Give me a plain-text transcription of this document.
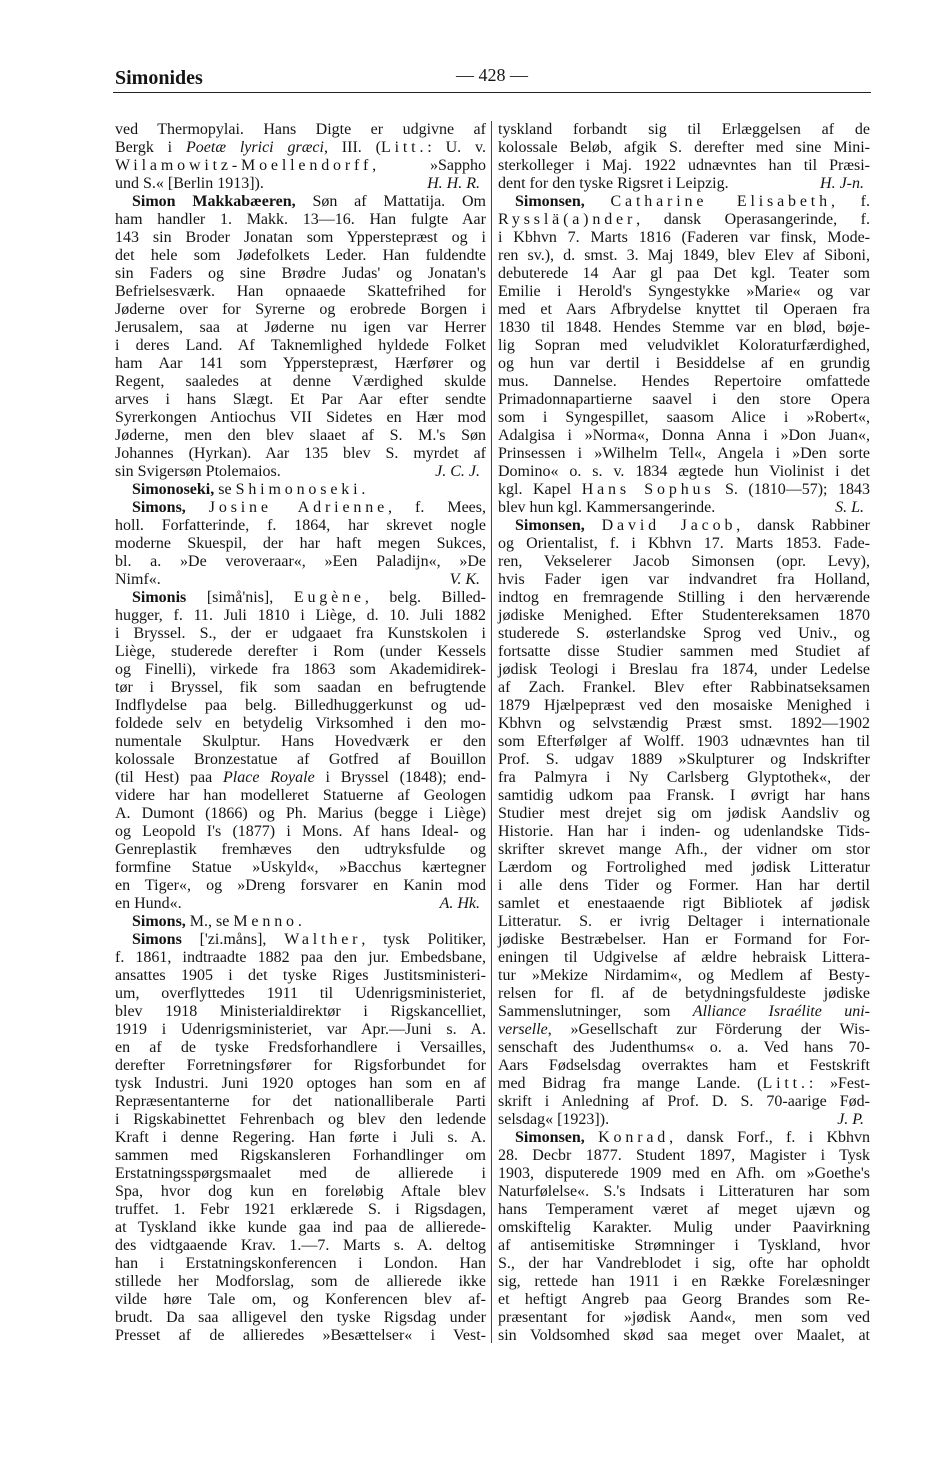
Simonides	— 428 —
ved Thermopylai. Hans Digte er udgivne af
Bergk i Poetæ lyrici græci, III. (Litt.: U. v.
Wilamowitz-Moellendorff, »Sappho
und S.« [Berlin 1913]).	H. H. R.
Simon Makkabæeren, Søn af Mattatija. Om
ham handler 1. Makk. 13—16. Han fulgte Aar
143 sin Broder Jonatan som Ypperstepræst og i
det hele som Jødefolkets Leder. Han fuldendte
sin Faders og sine Brødre Judas' og Jonatan's
Befrielsesværk. Han opnaaede Skattefrihed for
Jøderne over for Syrerne og erobrede Borgen i
Jerusalem, saa at Jøderne nu igen var Herrer
i deres Land. Af Taknemlighed hyldede Folket
ham Aar 141 som Ypperstepræst, Hærfører og
Regent, saaledes at denne Værdighed skulde
arves i hans Slægt. Et Par Aar efter sendte
Syrerkongen Antiochus VII Sidetes en Hær mod
Jøderne, men den blev slaaet af S. M.'s Søn
Johannes (Hyrkan). Aar 135 blev S. myrdet af
sin Svigersøn Ptolemaios.	J. C. J.
Simonoseki, se Shimonoseki.
Simons, Josine Adrienne, f. Mees,
holl. Forfatterinde, f. 1864, har skrevet nogle
moderne Skuespil, der har haft megen Sukces,
bl. a. »De veroveraar«, »Een Paladijn«, »De
Nimf«.	V. K.
Simonis [simå'nis], Eugène, belg. Billed-
hugger, f. 11. Juli 1810 i Liège, d. 10. Juli 1882
i Bryssel. S., der er udgaaet fra Kunstskolen i
Liège, studerede derefter i Rom (under Kessels
og Finelli), virkede fra 1863 som Akademidirek-
tør i Bryssel, fik som saadan en befrugtende
Indflydelse paa belg. Billedhuggerkunst og ud-
foldede selv en betydelig Virksomhed i den mo-
numentale Skulptur. Hans Hovedværk er den
kolossale Bronzestatue af Gotfred af Bouillon
(til Hest) paa Place Royale i Bryssel (1848); end-
videre har han modelleret Statuerne af Geologen
A. Dumont (1866) og Ph. Marius (begge i Liège)
og Leopold I's (1877) i Mons. Af hans Ideal- og
Genreplastik fremhæves den udtryksfulde og
formfine Statue »Uskyld«, »Bacchus kærtegner
en Tiger«, og »Dreng forsvarer en Kanin mod
en Hund«.	A. Hk.
Simons, M., se Menno.
Simons ['zi.måns], Walther, tysk Politiker,
f. 1861, indtraadte 1882 paa den jur. Embedsbane,
ansattes 1905 i det tyske Riges Justitsministeri-
um, overflyttedes 1911 til Udenrigsministeriet,
blev 1918 Ministerialdirektør i Rigskancelliet,
1919 i Udenrigsministeriet, var Apr.—Juni s. A.
en af de tyske Fredsforhandlere i Versailles,
derefter Forretningsfører for Rigsforbundet for
tysk Industri. Juni 1920 optoges han som en af
Repræsentanterne for det nationalliberale Parti
i Rigskabinettet Fehrenbach og blev den ledende
Kraft i denne Regering. Han førte i Juli s. A.
sammen med Rigskansleren Forhandlinger om
Erstatningsspørgsmaalet med de allierede i
Spa, hvor dog kun en foreløbig Aftale blev
truffet. 1. Febr 1921 erklærede S. i Rigsdagen,
at Tyskland ikke kunde gaa ind paa de allierede-
des vidtgaaende Krav. 1.—7. Marts s. A. deltog
han i Erstatningskonferencen i London. Han
stillede her Modforslag, som de allierede ikke
vilde høre Tale om, og Konferencen blev af-
brudt. Da saa alligevel den tyske Rigsdag under
Presset af de allieredes »Besættelser« i Vest-
tyskland forbandt sig til Erlæggelsen af de
kolossale Beløb, afgik S. derefter med sine Mini-
sterkolleger i Maj. 1922 udnævntes han til Præsi-
dent for den tyske Rigsret i Leipzig.	H. J-n.
Simonsen, Catharine Elisabeth, f.
Rysslä(a)nder, dansk Operasangerinde, f.
i Kbhvn 7. Marts 1816 (Faderen var finsk, Mode-
ren sv.), d. smst. 3. Maj 1849, blev Elev af Siboni,
debuterede 14 Aar gl paa Det kgl. Teater som
Emilie i Herold's Syngestykke »Marie« og var
med et Aars Afbrydelse knyttet til Operaen fra
1830 til 1848. Hendes Stemme var en blød, bøje-
lig Sopran med veludviklet Koloraturfærdighed,
og hun var dertil i Besiddelse af en grundig
mus. Dannelse. Hendes Repertoire omfattede
Primadonnapartierne saavel i den store Opera
som i Syngespillet, saasom Alice i »Robert«,
Adalgisa i »Norma«, Donna Anna i »Don Juan«,
Prinsessen i »Wilhelm Tell«, Angela i »Den sorte
Domino« o. s. v. 1834 ægtede hun Violinist i det
kgl. Kapel Hans Sophus S. (1810—57); 1843
blev hun kgl. Kammersangerinde.	S. L.
Simonsen, David Jacob, dansk Rabbiner
og Orientalist, f. i Kbhvn 17. Marts 1853. Fade-
ren, Vekselerer Jacob Simonsen (opr. Levy),
hvis Fader igen var indvandret fra Holland,
indtog en fremragende Stilling i den herværende
jødiske Menighed. Efter Studentereksamen 1870
studerede S. østerlandske Sprog ved Univ., og
fortsatte disse Studier sammen med Studiet af
jødisk Teologi i Breslau fra 1874, under Ledelse
af Zach. Frankel. Blev efter Rabbinatseksamen
1879 Hjælpepræst ved den mosaiske Menighed i
Kbhvn og selvstændig Præst smst. 1892—1902
som Efterfølger af Wolff. 1903 udnævntes han til
Prof. S. udgav 1889 »Skulpturer og Indskrifter
fra Palmyra i Ny Carlsberg Glyptothek«, der
samtidig udkom paa Fransk. I øvrigt har hans
Studier mest drejet sig om jødisk Aandsliv og
Historie. Han har i inden- og udenlandske Tids-
skrifter skrevet mange Afh., der vidner om stor
Lærdom og Fortrolighed med jødisk Litteratur
i alle dens Tider og Former. Han har dertil
samlet et enestaaende rigt Bibliotek af jødisk
Litteratur. S. er ivrig Deltager i internationale
jødiske Bestræbelser. Han er Formand for For-
eningen til Udgivelse af ældre hebraisk Littera-
tur »Mekize Nirdamim«, og Medlem af Besty-
relsen for fl. af de betydningsfuldeste jødiske
Sammenslutninger, som Alliance Israélite uni-
verselle, »Gesellschaft zur Förderung der Wis-
senschaft des Judenthums« o. a. Ved hans 70-
Aars Fødselsdag overraktes ham et Festskrift
med Bidrag fra mange Lande. (Litt.: »Fest-
skrift i Anledning af Prof. D. S. 70-aarige Fød-
selsdag« [1923]).	J. P.
Simonsen, Konrad, dansk Forf., f. i Kbhvn
28. Decbr 1877. Student 1897, Magister i Tysk
1903, disputerede 1909 med en Afh. om »Goethe's
Naturfølelse«. S.'s Indsats i Litteraturen har som
hans Temperament været af meget ujævn og
omskiftelig Karakter. Mulig under Paavirkning
af antisemitiske Strømninger i Tyskland, hvor
S., der har Vandreblodet i sig, ofte har opholdt
sig, rettede han 1911 i en Række Forelæsninger
et heftigt Angreb paa Georg Brandes som Re-
præsentant for »jødisk Aand«, men som ved
sin Voldsomhed skød saa meget over Maalet, at
